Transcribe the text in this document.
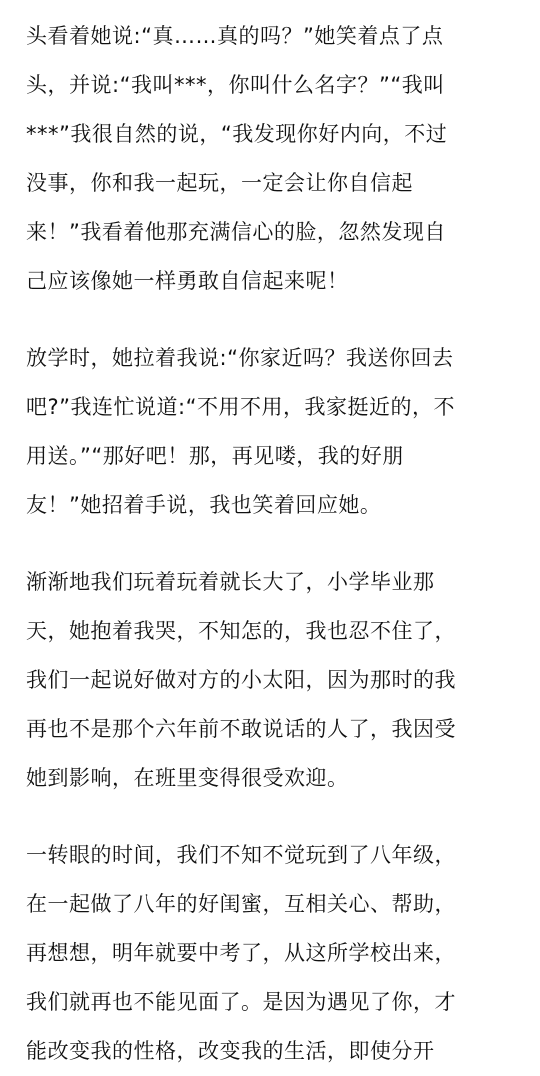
头看着她说:“真……真的吗？”她笑着点了点
头，并说:“我叫***，你叫什么名字？”“我叫
***”我很自然的说，“我发现你好内向，不过
没事，你和我一起玩，一定会让你自信起
来！”我看着他那充满信心的脸，忽然发现自
己应该像她一样勇敢自信起来呢！
放学时，她拉着我说:“你家近吗？我送你回去
吧?”我连忙说道:“不用不用，我家挺近的，不
用送。”“那好吧！那，再见喽，我的好朋
友！”她招着手说，我也笑着回应她。
渐渐地我们玩着玩着就长大了，小学毕业那
天，她抱着我哭，不知怎的，我也忍不住了，
我们一起说好做对方的小太阳，因为那时的我
再也不是那个六年前不敢说话的人了，我因受
她到影响，在班里变得很受欢迎。
一转眼的时间，我们不知不觉玩到了八年级，
在一起做了八年的好闺蜜，互相关心、帮助，
再想想，明年就要中考了，从这所学校出来，
我们就再也不能见面了。是因为遇见了你，才
能改变我的性格，改变我的生活，即使分开
